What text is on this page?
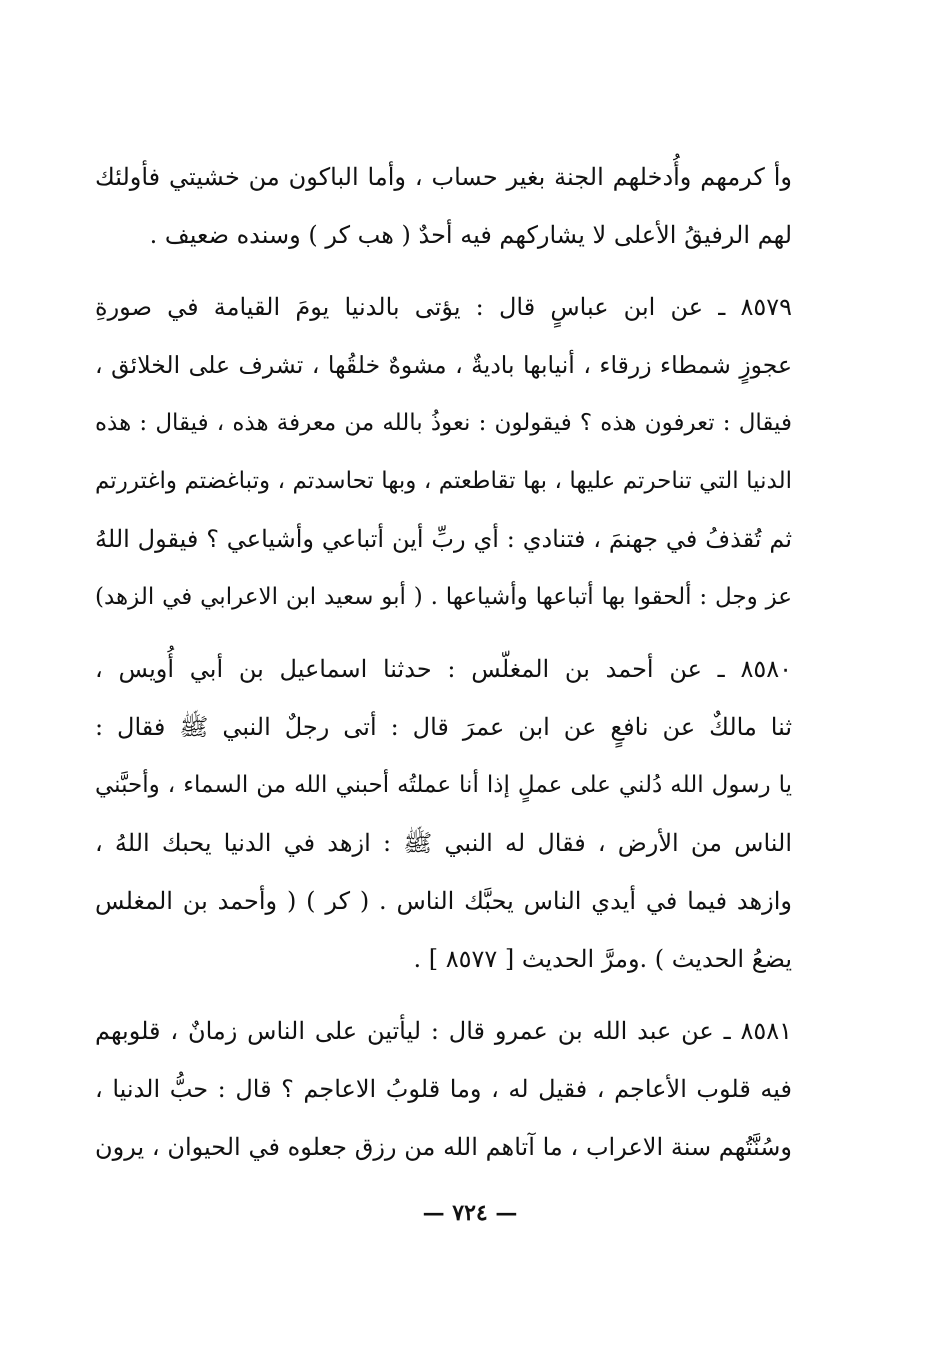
وأ كرمهم وأُدخلهم الجنة بغير حساب ، وأما الباكون من خشيتي فأولئك
لهم الرفيقُ الأعلى لا يشاركهم فيه أحدٌ ( هب كر ) وسنده ضعيف .
٨٥٧٩ ـ عن ابن عباسٍ قال : يؤتى بالدنيا يومَ القيامة في صورةِ
عجوزٍ شمطاء زرقاء ، أنيابها باديةٌ ، مشوهٌ خلقُها ، تشرف على الخلائق ،
فيقال : تعرفون هذه ؟ فيقولون : نعوذُ بالله من معرفة هذه ، فيقال : هذه
الدنيا التي تناحرتم عليها ، بها تقاطعتم ، وبها تحاسدتم ، وتباغضتم واغتررتم
ثم تُقذفُ في جهنمَ ، فتنادي : أي ربِّ أين أتباعي وأشياعي ؟ فيقول اللهُ
عز وجل : ألحقوا بها أتباعها وأشياعها . ( أبو سعيد ابن الاعرابي في الزهد)
٨٥٨٠ ـ عن أحمد بن المغلّس : حدثنا اسماعيل بن أبي أُويس ،
ثنا مالكٌ عن نافعٍ عن ابن عمرَ قال : أتى رجلٌ النبي ﷺ فقال :
يا رسول الله دُلني على عملٍ إذا أنا عملتُه أحبني الله من السماء ، وأحبَّني
الناس من الأرض ، فقال له النبي ﷺ : ازهد في الدنيا يحبك اللهُ ،
وازهد فيما في أيدي الناس يحبَّك الناس . ( كر ) ( وأحمد بن المغلس
يضعُ الحديث ) .ومرَّ الحديث [ ٨٥٧٧ ] .
٨٥٨١ ـ عن عبد الله بن عمرو قال : ليأتين على الناس زمانٌ ، قلوبهم
فيه قلوب الأعاجم ، فقيل له ، وما قلوبُ الاعاجم ؟ قال : حبُّ الدنيا ،
وسُنَّتُهم سنة الاعراب ، ما آتاهم الله من رزق جعلوه في الحيوان ، يرون
— ٧٢٤ —
